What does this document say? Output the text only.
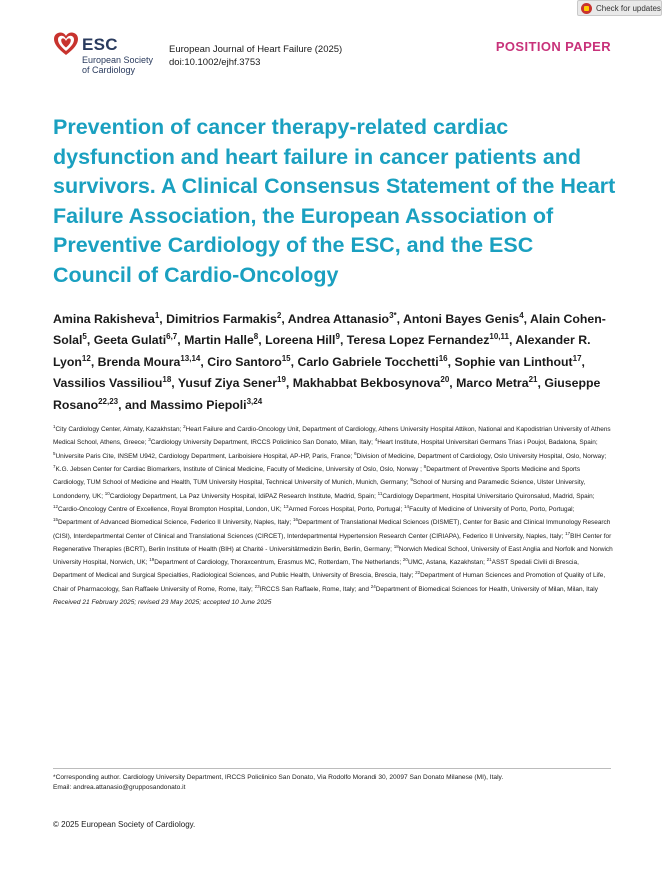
Check for updates
ESC
European Society
of Cardiology
European Journal of Heart Failure (2025)
doi:10.1002/ejhf.3753
POSITION PAPER
Prevention of cancer therapy-related cardiac dysfunction and heart failure in cancer patients and survivors. A Clinical Consensus Statement of the Heart Failure Association, the European Association of Preventive Cardiology of the ESC, and the ESC Council of Cardio-Oncology
Amina Rakisheva$^1$, Dimitrios Farmakis$^2$, Andrea Attanasio$^{3*}$, Antoni Bayes Genis$^4$, Alain Cohen-Solal$^5$, Geeta Gulati$^{6,7}$, Martin Halle$^8$, Loreena Hill$^9$, Teresa Lopez Fernandez$^{10,11}$, Alexander R. Lyon$^{12}$, Brenda Moura$^{13,14}$, Ciro Santoro$^{15}$, Carlo Gabriele Tocchetti$^{16}$, Sophie van Linthout$^{17}$, Vassilios Vassiliou$^{18}$, Yusuf Ziya Sener$^{19}$, Makhabbat Bekbosynova$^{20}$, Marco Metra$^{21}$, Giuseppe Rosano$^{22,23}$, and Massimo Piepoli$^{3,24}$
$^1$City Cardiology Center, Almaty, Kazakhstan; $^2$Heart Failure and Cardio-Oncology Unit, Department of Cardiology, Athens University Hospital Attikon, National and Kapodistrian University of Athens Medical School, Athens, Greece; $^3$Cardiology University Department, IRCCS Policlinico San Donato, Milan, Italy; $^4$Heart Institute, Hospital Universitari Germans Trias i Poujol, Badalona, Spain; $^5$Universite Paris Cite, INSEM U942, Cardiology Department, Lariboisiere Hospital, AP-HP, Paris, France; $^6$Division of Medicine, Department of Cardiology, Oslo University Hospital, Oslo, Norway; $^7$K.G. Jebsen Center for Cardiac Biomarkers, Institute of Clinical Medicine, Faculty of Medicine, University of Oslo, Oslo, Norway ; $^8$Department of Preventive Sports Medicine and Sports Cardiology, TUM School of Medicine and Health, TUM University Hospital, Technical University of Munich, Munich, Germany; $^9$School of Nursing and Paramedic Science, Ulster University, Londonderry, UK; $^{10}$Cardiology Department, La Paz University Hospital, IdiPAZ Research Institute, Madrid, Spain; $^{11}$Cardiology Department, Hospital Universitario Quironsalud, Madrid, Spain; $^{12}$Cardio-Oncology Centre of Excellence, Royal Brompton Hospital, London, UK; $^{13}$Armed Forces Hospital, Porto, Portugal; $^{14}$Faculty of Medicine of University of Porto, Porto, Portugal; $^{15}$Department of Advanced Biomedical Science, Federico II University, Naples, Italy; $^{16}$Department of Translational Medical Sciences (DISMET), Center for Basic and Clinical Immunology Research (CISI), Interdepartmental Center of Clinical and Translational Sciences (CIRCET), Interdepartmental Hypertension Research Center (CIRIAPA), Federico II University, Naples, Italy; $^{17}$BIH Center for Regenerative Therapies (BCRT), Berlin Institute of Health (BIH) at Charité - Universitätmedizin Berlin, Berlin, Germany; $^{18}$Norwich Medical School, University of East Anglia and Norfolk and Norwich University Hospital, Norwich, UK; $^{19}$Department of Cardiology, Thoraxcentrum, Erasmus MC, Rotterdam, The Netherlands; $^{20}$UMC, Astana, Kazakhstan; $^{21}$ASST Spedali Civili di Brescia, Department of Medical and Surgical Specialties, Radiological Sciences, and Public Health, University of Brescia, Brescia, Italy; $^{22}$Department of Human Sciences and Promotion of Quality of Life, Chair of Pharmacology, San Raffaele University of Rome, Rome, Italy; $^{23}$IRCCS San Raffaele, Rome, Italy; and $^{24}$Department of Biomedical Sciences for Health, University of Milan, Milan, Italy
Received 21 February 2025; revised 23 May 2025; accepted 10 June 2025
*Corresponding author. Cardiology University Department, IRCCS Policlinico San Donato, Via Rodolfo Morandi 30, 20097 San Donato Milanese (MI), Italy.
Email: andrea.attanasio@grupposandonato.it
© 2025 European Society of Cardiology.
